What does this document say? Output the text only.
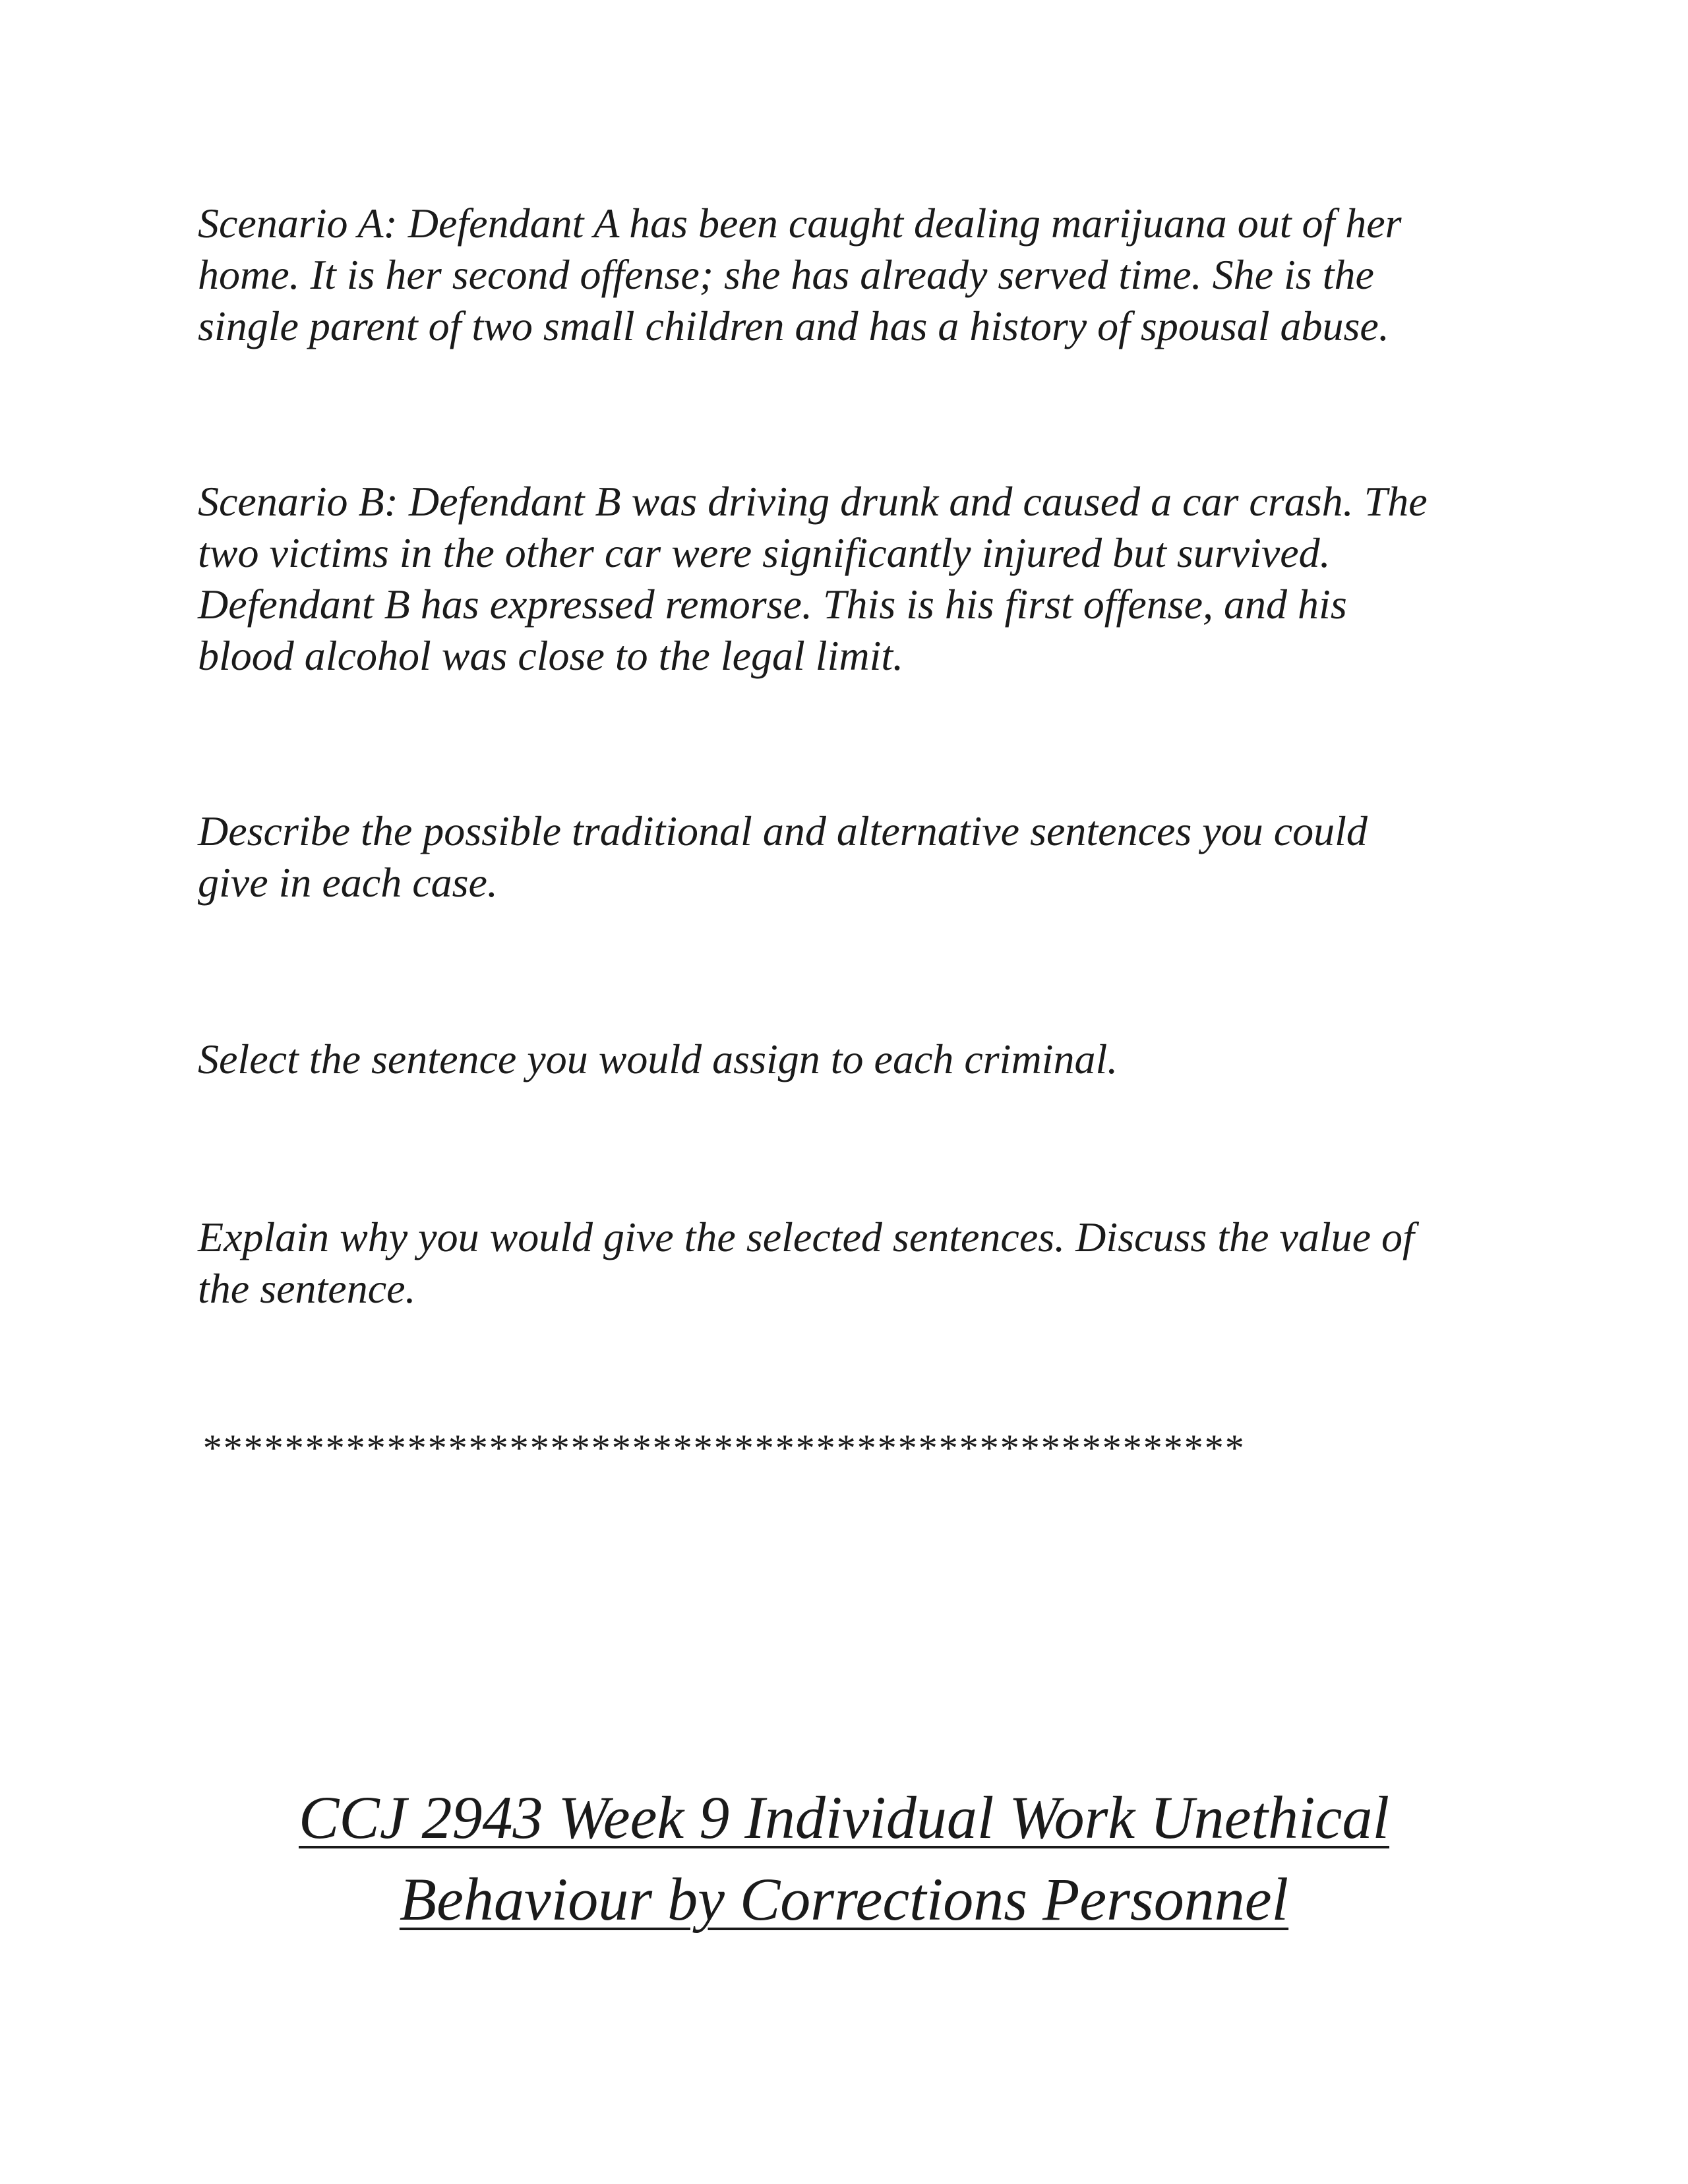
Scenario A: Defendant A has been caught dealing marijuana out of her
home. It is her second offense; she has already served time. She is the
single parent of two small children and has a history of spousal abuse.

Scenario B: Defendant B was driving drunk and caused a car crash. The
two victims in the other car were significantly injured but survived.
Defendant B has expressed remorse. This is his first offense, and his
blood alcohol was close to the legal limit.

Describe the possible traditional and alternative sentences you could
give in each case.

Select the sentence you would assign to each criminal.

Explain why you would give the selected sentences. Discuss the value of
the sentence.

***************************************************

CCJ 2943 Week 9 Individual Work Unethical
Behaviour by Corrections Personnel
